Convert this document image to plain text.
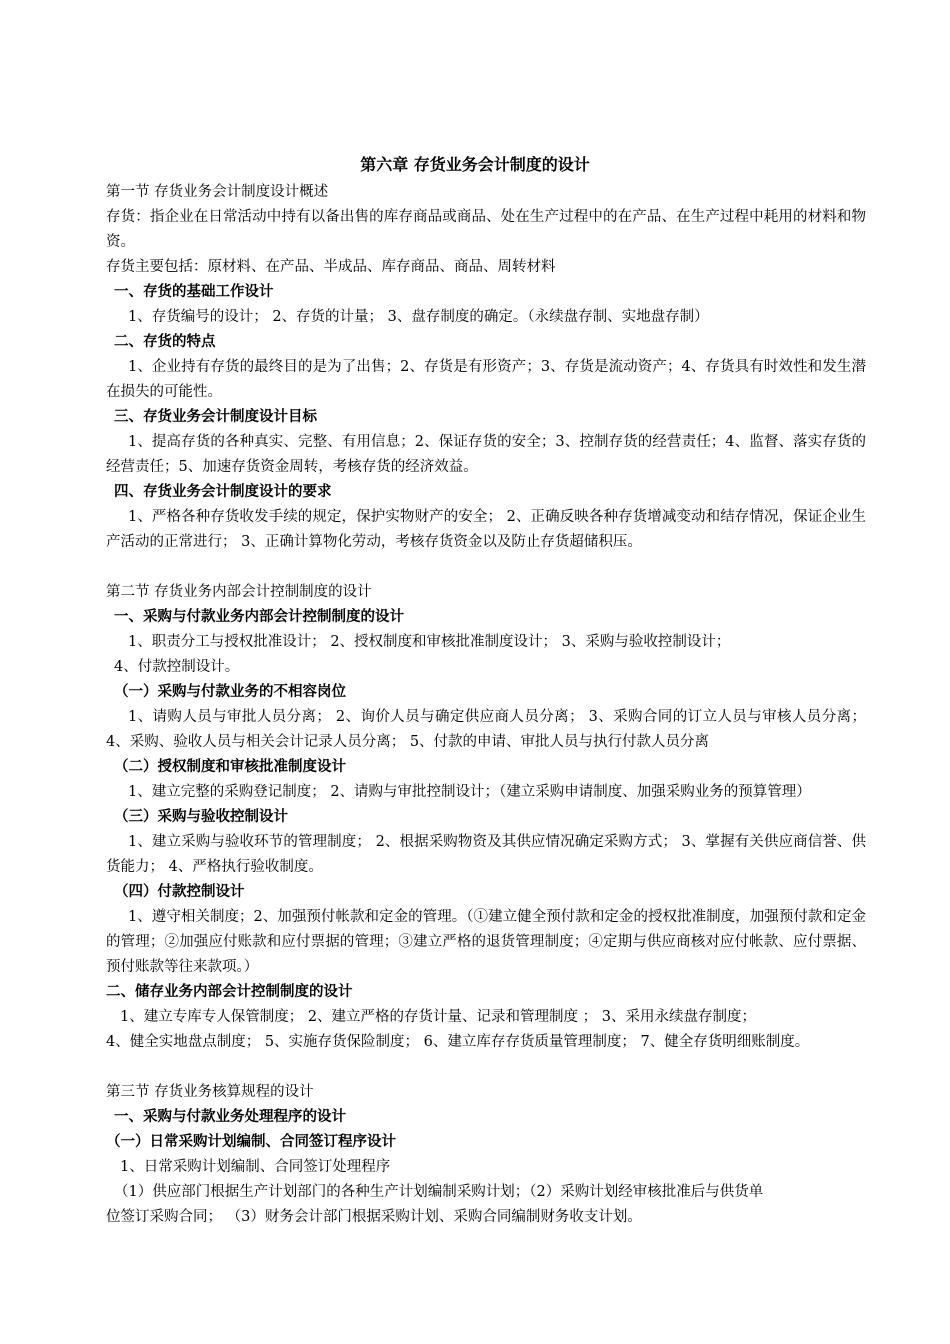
第六章 存货业务会计制度的设计
第一节 存货业务会计制度设计概述
存货：指企业在日常活动中持有以备出售的库存商品或商品、处在生产过程中的在产品、在生产过程中耗用的材料和物资。
存货主要包括：原材料、在产品、半成品、库存商品、商品、周转材料
一、存货的基础工作设计
1、存货编号的设计； 2、存货的计量； 3、盘存制度的确定。（永续盘存制、实地盘存制）
二、存货的特点
1、企业持有存货的最终目的是为了出售；2、存货是有形资产；3、存货是流动资产；4、存货具有时效性和发生潜在损失的可能性。
三、存货业务会计制度设计目标
1、提高存货的各种真实、完整、有用信息；2、保证存货的安全；3、控制存货的经营责任；4、监督、落实存货的经营责任；5、加速存货资金周转，考核存货的经济效益。
四、存货业务会计制度设计的要求
1、严格各种存货收发手续的规定，保护实物财产的安全； 2、正确反映各种存货增减变动和结存情况，保证企业生产活动的正常进行； 3、正确计算物化劳动，考核存货资金以及防止存货超储积压。
第二节 存货业务内部会计控制制度的设计
一、采购与付款业务内部会计控制制度的设计
1、职责分工与授权批准设计； 2、授权制度和审核批准制度设计； 3、采购与验收控制设计；
4、付款控制设计。
（一）采购与付款业务的不相容岗位
1、请购人员与审批人员分离； 2、询价人员与确定供应商人员分离； 3、采购合同的订立人员与审核人员分离； 4、采购、验收人员与相关会计记录人员分离； 5、付款的申请、审批人员与执行付款人员分离
（二）授权制度和审核批准制度设计
1、建立完整的采购登记制度； 2、请购与审批控制设计；（建立采购申请制度、加强采购业务的预算管理）
（三）采购与验收控制设计
1、建立采购与验收环节的管理制度； 2、根据采购物资及其供应情况确定采购方式； 3、掌握有关供应商信誉、供货能力； 4、严格执行验收制度。
（四）付款控制设计
1、遵守相关制度；2、加强预付帐款和定金的管理。（①建立健全预付款和定金的授权批准制度，加强预付款和定金的管理；②加强应付账款和应付票据的管理；③建立严格的退货管理制度；④定期与供应商核对应付帐款、应付票据、预付账款等往来款项。）
二、储存业务内部会计控制制度的设计
1、建立专库专人保管制度； 2、建立严格的存货计量、记录和管理制度 ； 3、采用永续盘存制度；
4、健全实地盘点制度； 5、实施存货保险制度； 6、建立库存存货质量管理制度； 7、健全存货明细账制度。
第三节 存货业务核算规程的设计
一、采购与付款业务处理程序的设计
（一）日常采购计划编制、合同签订程序设计
1、日常采购计划编制、合同签订处理程序
（1）供应部门根据生产计划部门的各种生产计划编制采购计划；（2）采购计划经审核批准后与供货单
位签订采购合同； （3）财务会计部门根据采购计划、采购合同编制财务收支计划。
